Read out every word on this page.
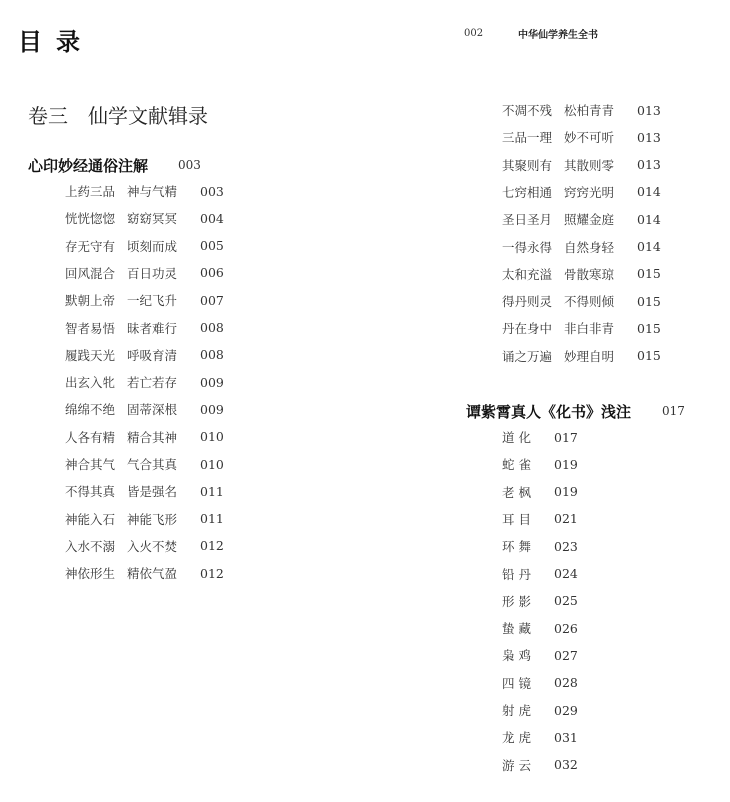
目录	002	中华仙学养生全书
卷三　仙学文献辑录
心印妙经通俗注解 003
上药三品 神与气精	003
恍恍惚惚 窈窈冥冥	004
存无守有 顷刻而成	005
回风混合 百日功灵	006
默朝上帝 一纪飞升	007
智者易悟 昧者难行	008
履践天光 呼吸育清	008
出玄入牝 若亡若存	009
绵绵不绝 固蒂深根	009
人各有精 精合其神	010
神合其气 气合其真	010
不得其真 皆是强名	011
神能入石 神能飞形	011
入水不溺 入火不焚	012
神依形生 精依气盈	012
不凋不残 松柏青青	013
三品一理 妙不可听	013
其聚则有 其散则零	013
七窍相通 窍窍光明	014
圣日圣月 照耀金庭	014
一得永得 自然身轻	014
太和充溢 骨散寒琼	015
得丹则灵 不得则倾	015
丹在身中 非白非青	015
诵之万遍 妙理自明	015
谭紫霄真人《化书》浅注	017
道化	017
蛇雀	019
老枫	019
耳目	021
环舞	023
铅丹	024
形影	025
蛰藏	026
枭鸡	027
四镜	028
射虎	029
龙虎	031
游云	032
